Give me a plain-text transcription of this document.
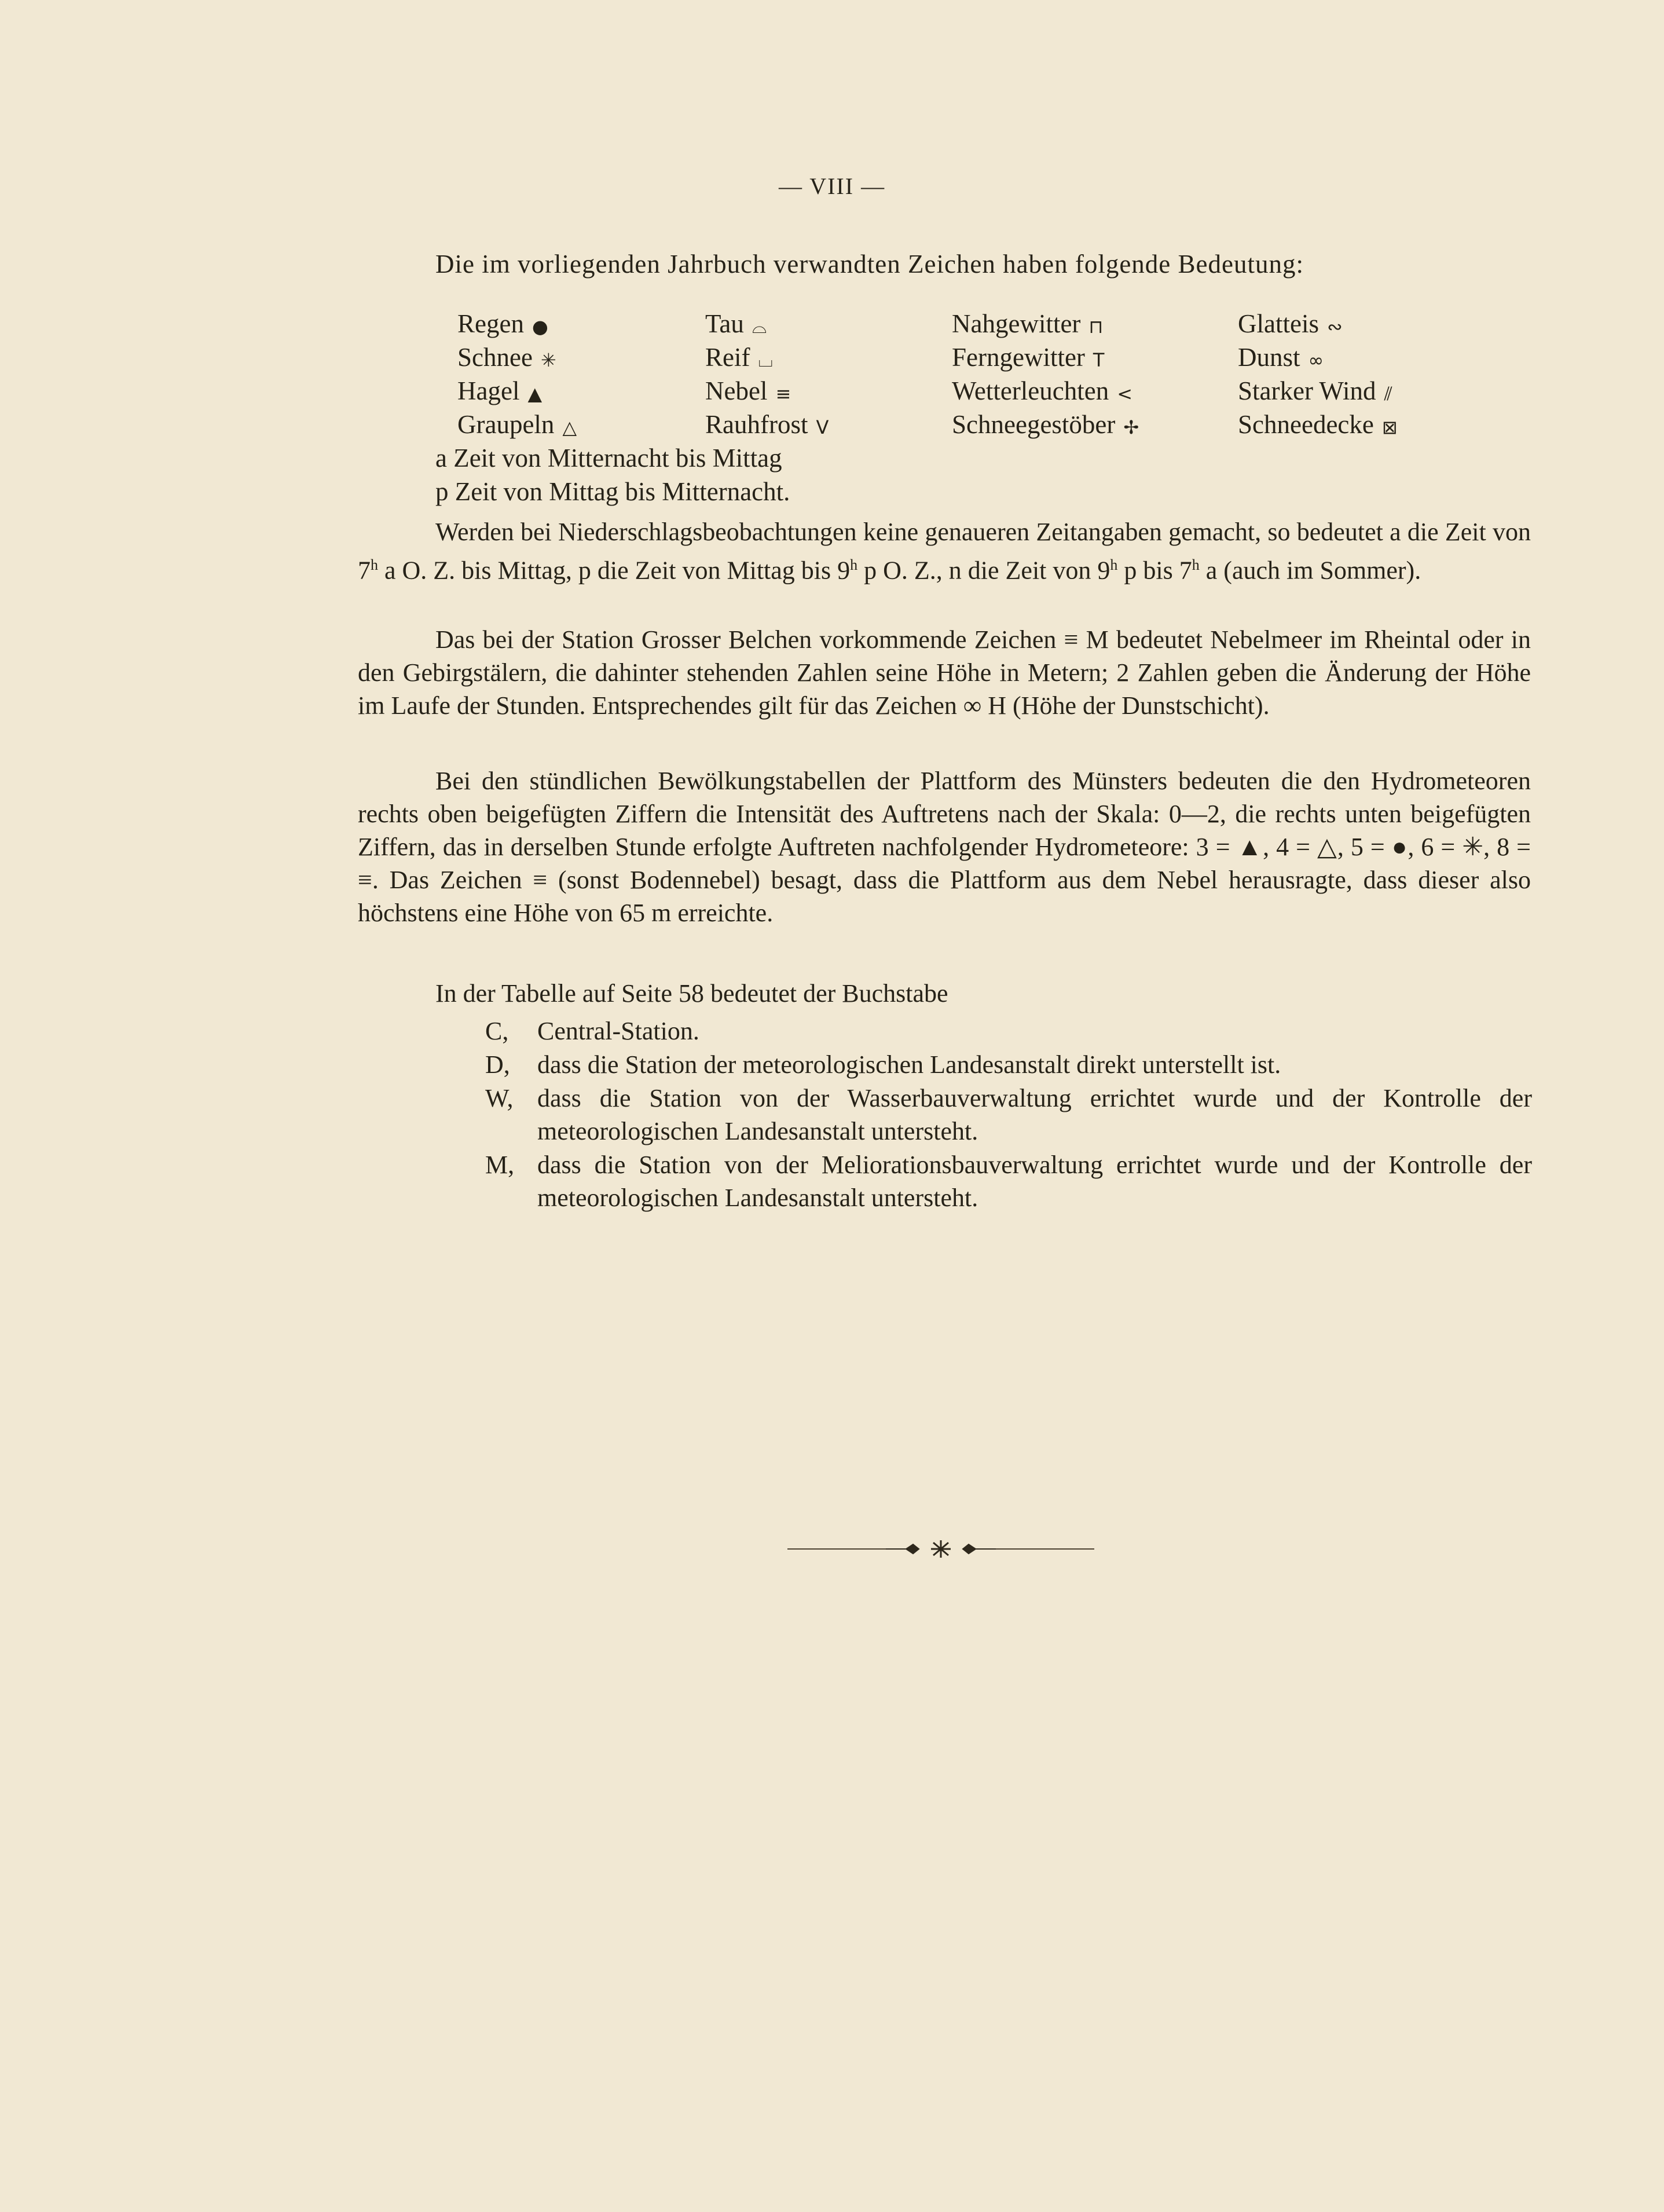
— VIII —
Die im vorliegenden Jahrbuch verwandten Zeichen haben folgende Bedeutung:
Regen ●
Schnee ✳
Hagel ▲
Graupeln △
Tau ⌓
Reif ⌴
Nebel ≡
Rauhfrost V
Nahgewitter ⊓
Ferngewitter T
Wetterleuchten <
Schneegestöber ✢
Glatteis ∾
Dunst ∞
Starker Wind ⫽
Schneedecke ⊠
a Zeit von Mitternacht bis Mittag
p Zeit von Mittag bis Mitternacht.

Werden bei Niederschlagsbeobachtungen keine genaueren Zeitangaben gemacht, so bedeutet a die Zeit von 7$^h$ a O. Z. bis Mittag, p die Zeit von Mittag bis 9$^h$ p O. Z., n die Zeit von 9$^h$ p bis 7$^h$ a (auch im Sommer).

Das bei der Station Grosser Belchen vorkommende Zeichen ≡ M bedeutet Nebelmeer im Rheintal oder in den Gebirgstälern, die dahinter stehenden Zahlen seine Höhe in Metern; 2 Zahlen geben die Änderung der Höhe im Laufe der Stunden. Entsprechendes gilt für das Zeichen ∞ H (Höhe der Dunstschicht).

Bei den stündlichen Bewölkungstabellen der Plattform des Münsters bedeuten die den Hydrometeoren rechts oben beigefügten Ziffern die Intensität des Auftretens nach der Skala: 0—2, die rechts unten beigefügten Ziffern, das in derselben Stunde erfolgte Auftreten nachfolgender Hydrometeore: 3 = ▲, 4 = △, 5 = ●, 6 = ✳, 8 = ≡. Das Zeichen ≡ (sonst Bodennebel) besagt, dass die Plattform aus dem Nebel herausragte, dass dieser also höchstens eine Höhe von 65 m erreichte.

In der Tabelle auf Seite 58 bedeutet der Buchstabe
C, Central-Station.
D, dass die Station der meteorologischen Landesanstalt direkt unterstellt ist.
W, dass die Station von der Wasserbauverwaltung errichtet wurde und der Kontrolle der meteorologischen Landesanstalt untersteht.
M, dass die Station von der Meliorationsbauverwaltung errichtet wurde und der Kontrolle der meteorologischen Landesanstalt untersteht.
